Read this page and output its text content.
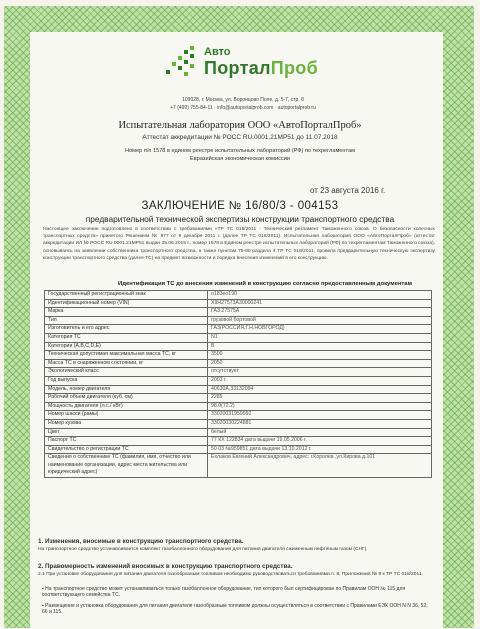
Авто
ПорталПроб
109028, г. Москва, ул. Воронцово Поле, д. 5-7, стр. 8
+7 (499) 755-84-11 · info@autoportalprob.com · autoportalprob.ru
Испытательная лаборатория ООО «АвтоПорталПроб»
Аттестат аккредитации № РОСС RU.0001.21МР51 до 11.07.2018
Номер п/п 1578 в едином реестре испытательных лабораторий (РФ) по техрегламентам
Евразийская экономическая комиссии
от 23 августа 2016 г.
ЗАКЛЮЧЕНИЕ № 16/80/3 - 004153
предварительной технической экспертизы конструкции транспортного средства
Настоящее заключение подготовлено в соответствии с требованиями «ТР ТС 018/2011 · Технический регламент Таможенного союза. О безопасности колесных транспортных средств» принятого Решением № 877 от 9 декабря 2011 г. (далее ТР ТС 018/2011). Испытательная лаборатория ООО «АвтоПорталПроб» (аттестат аккредитации ИЛ № РОСС RU.0001.21МР51 выдан 25.06.2015 г., номер 1578 в Едином реестре испытательных лабораторий (РФ) по техрегламентам Таможенного союза), основываясь на заявлении собственника транспортного средства, а также пунктам 75-80 раздела 4 ТР ТС 018/2011, провела предварительную техническую экспертизу конструкции транспортного средства (далее ТС) на предмет возможности и порядка внесения изменений в его конструкцию.
Идентификация ТС до внесения изменений в конструкцию согласно предоставленным документам
Государственный регистрационный знак	о183ео190
Идентификационный номер (VIN)	Х9Н27573А30000241
Марка	ГАЗ 27575А
Тип	грузовой бортовой
Изготовитель и его адрес	ГАЗ(РОССИЯ,Г.Н.НОВГОРОД)
Категория ТС	N1
Категории (A,B,C,D,E)	В
Техническая допустимая максимальная масса ТС, кг	3500
Масса ТС в снаряженном состоянии, кг	2050
Экологический класс	отсутствует
Год выпуска	2003 г.
Модель, номер двигателя	40630А,33132094
Рабочий объем двигателя (куб. см)	2285
Мощность двигателя (л.с./ кВт)	98.0(72.2)
Номер шасси (рамы)	33020031959992
Номер кузова	33020030224881
Цвет	белый
Паспорт ТС	77 КХ 122834 дата выдачи 19.05.2006 г.
Свидетельство о регистрации ТС	50 03 №959851 дата выдачи 13.10.2012 г.
Сведения о собственнике ТС (фамилия, имя, отчество или наименование организации, адрес места жительства или юридический адрес)	Ехлаков Евгений Александрович, адрес: г.Королев ,ул.Кирова д.101
1. Изменения, вносимые в конструкцию транспортного средства.
На транспортное средство устанавливается комплект газобаллонного оборудования для питания двигателя сжиженным нефтяным газом (СНГ).
2. Правомерность изменений вносимых в конструкцию транспортного средства.
2.1 При установке оборудования для питания двигателя газообразным топливом необходимо руководствоваться требованиями п. 8, Приложения № 9 к ТР ТС 018/2011.
▪ На транспортное средство может устанавливаться только газобаллонное оборудование, тип которого был сертифицирован по Правилам ООН № 115 для соответствующего семейства ТС.
▪ Размещение и установка оборудования для питания двигателя газообразным топливом должны осуществляться в соответствии с Правилами ЕЭК ООН N N 36, 52, 66 и 115.
